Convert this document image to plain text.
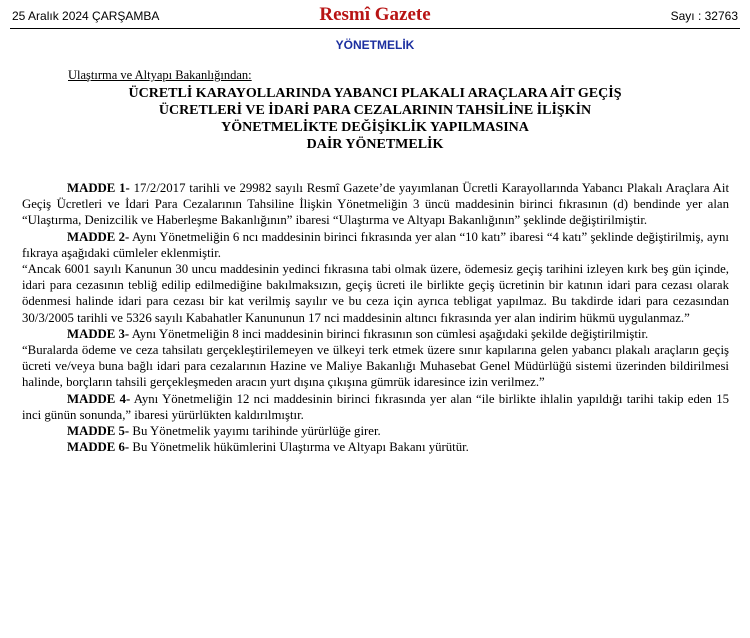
25 Aralık 2024 ÇARŞAMBA	Resmî Gazete	Sayı : 32763
YÖNETMELİK
Ulaştırma ve Altyapı Bakanlığından:
ÜCRETLİ KARAYOLLARINDA YABANCI PLAKALI ARAÇLARA AİT GEÇİŞ
ÜCRETLERİ VE İDARİ PARA CEZALARININ TAHSİLİNE İLİŞKİN
YÖNETMELİKTE DEĞİŞİKLİK YAPILMASINA
DAİR YÖNETMELİK

MADDE 1- 17/2/2017 tarihli ve 29982 sayılı Resmî Gazete’de yayımlanan Ücretli Karayollarında Yabancı Plakalı Araçlara Ait Geçiş Ücretleri ve İdari Para Cezalarının Tahsiline İlişkin Yönetmeliğin 3 üncü maddesinin birinci fıkrasının (d) bendinde yer alan “Ulaştırma, Denizcilik ve Haberleşme Bakanlığının” ibaresi “Ulaştırma ve Altyapı Bakanlığının” şeklinde değiştirilmiştir.

MADDE 2- Aynı Yönetmeliğin 6 ncı maddesinin birinci fıkrasında yer alan “10 katı” ibaresi “4 katı” şeklinde değiştirilmiş, aynı fıkraya aşağıdaki cümleler eklenmiştir.

“Ancak 6001 sayılı Kanunun 30 uncu maddesinin yedinci fıkrasına tabi olmak üzere, ödemesiz geçiş tarihini izleyen kırk beş gün içinde, idari para cezasının tebliğ edilip edilmediğine bakılmaksızın, geçiş ücreti ile birlikte geçiş ücretinin bir katının idari para cezası olarak ödenmesi halinde idari para cezası bir kat verilmiş sayılır ve bu ceza için ayrıca tebligat yapılmaz. Bu takdirde idari para cezasından 30/3/2005 tarihli ve 5326 sayılı Kabahatler Kanununun 17 nci maddesinin altıncı fıkrasında yer alan indirim hükmü uygulanmaz.”

MADDE 3- Aynı Yönetmeliğin 8 inci maddesinin birinci fıkrasının son cümlesi aşağıdaki şekilde değiştirilmiştir.

“Buralarda ödeme ve ceza tahsilatı gerçekleştirilemeyen ve ülkeyi terk etmek üzere sınır kapılarına gelen yabancı plakalı araçların geçiş ücreti ve/veya buna bağlı idari para cezalarının Hazine ve Maliye Bakanlığı Muhasebat Genel Müdürlüğü sistemi üzerinden bildirilmesi halinde, borçların tahsili gerçekleşmeden aracın yurt dışına çıkışına gümrük idaresince izin verilmez.”

MADDE 4- Aynı Yönetmeliğin 12 nci maddesinin birinci fıkrasında yer alan “ile birlikte ihlalin yapıldığı tarihi takip eden 15 inci günün sonunda,” ibaresi yürürlükten kaldırılmıştır.

MADDE 5- Bu Yönetmelik yayımı tarihinde yürürlüğe girer.

MADDE 6- Bu Yönetmelik hükümlerini Ulaştırma ve Altyapı Bakanı yürütür.
